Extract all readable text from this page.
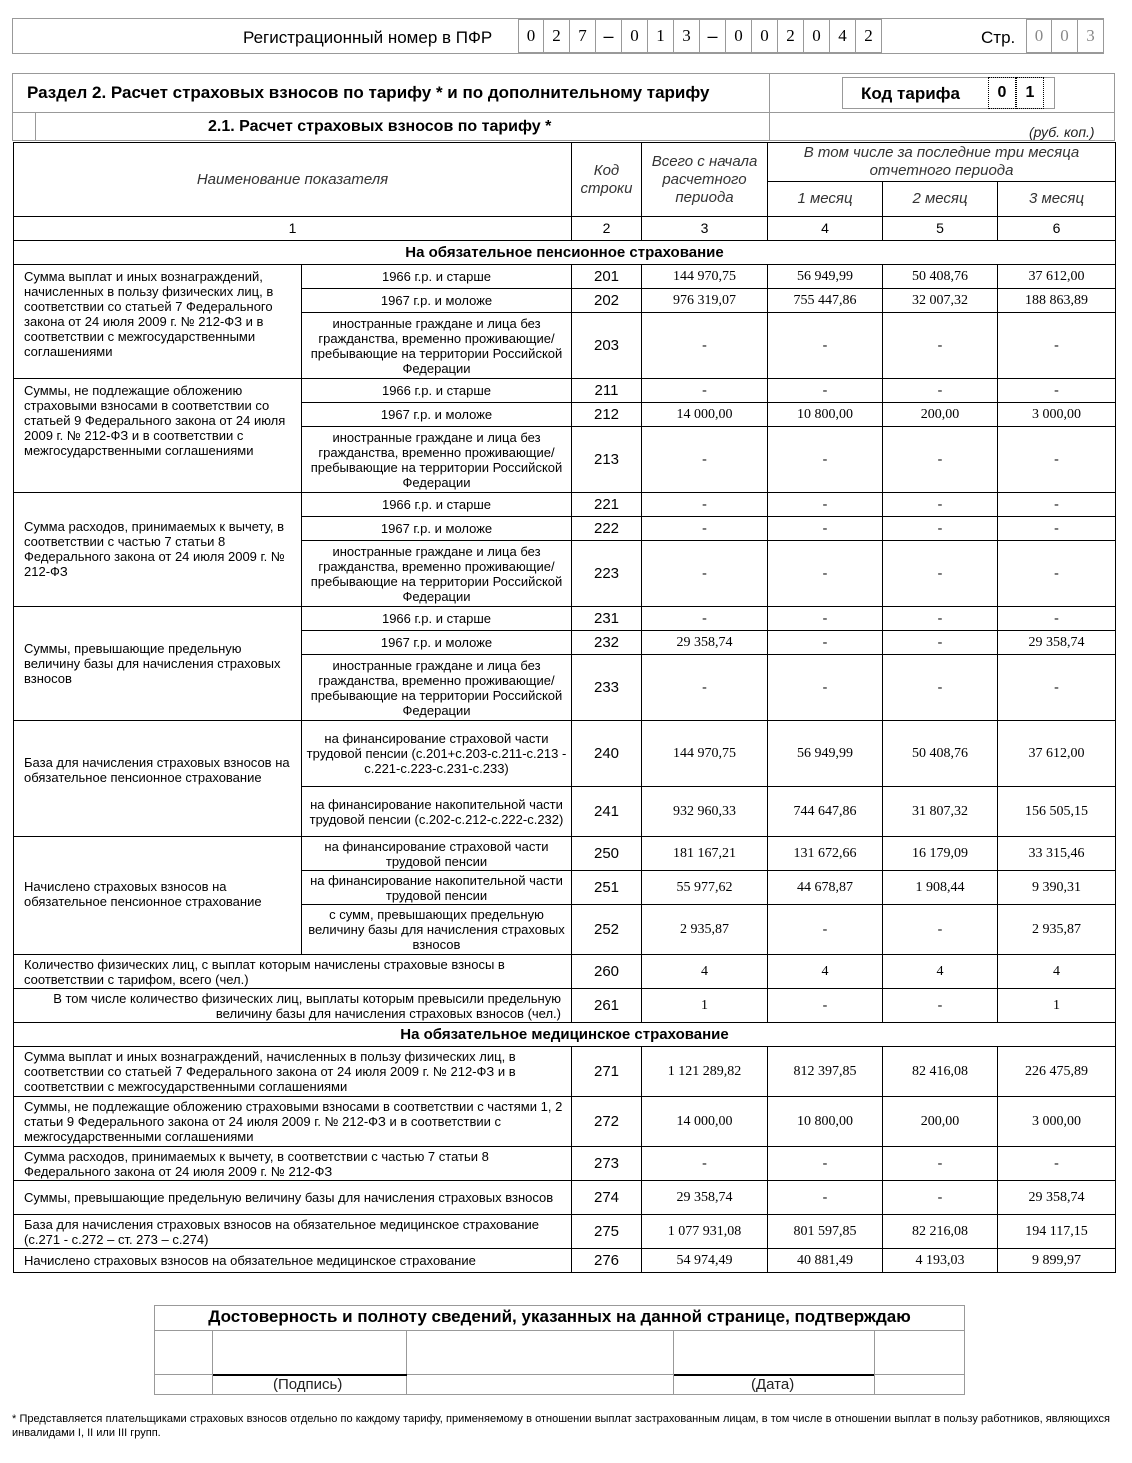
Регистрационный номер в ПФР	0	2	7 – 0	1	3 – 0	0	2	0	4	2	Стр.	0	0	3
Раздел 2. Расчет страховых взносов по тарифу * и по дополнительному тарифу	Код тарифа	0	1
2.1. Расчет страховых взносов по тарифу *	(руб. коп.)
Наименование показателя		Код строки	Всего с начала расчетного периода	В том числе за последние три месяца отчетного периода		
				1 месяц	2 месяц	3 месяц
1		2	3	4	5	6
На обязательное пенсионное страхование						
Сумма выплат и иных вознаграждений, начисленных в пользу физических лиц, в соответствии со статьей 7 Федерального закона от 24 июля 2009 г. № 212-ФЗ и в соответствии с межгосударственными соглашениями	1966 г.р. и старше	201	144 970,75	56 949,99	50 408,76	37 612,00
	1967 г.р. и моложе	202	976 319,07	755 447,86	32 007,32	188 863,89
	иностранные граждане и лица без гражданства, временно проживающие/пребывающие на территории Российской Федерации	203	-	-	-	-
Суммы, не подлежащие обложению страховыми взносами в соответствии со статьей 9 Федерального закона от 24 июля 2009 г. № 212-ФЗ и в соответствии с межгосударственными соглашениями	1966 г.р. и старше	211	-	-	-	-
	1967 г.р. и моложе	212	14 000,00	10 800,00	200,00	3 000,00
	иностранные граждане и лица без гражданства, временно проживающие/пребывающие на территории Российской Федерации	213	-	-	-	-
Сумма расходов, принимаемых к вычету, в соответствии с частью 7 статьи 8 Федерального закона от 24 июля 2009 г. № 212-ФЗ	1966 г.р. и старше	221	-	-	-	-
	1967 г.р. и моложе	222	-	-	-	-
	иностранные граждане и лица без гражданства, временно проживающие/пребывающие на территории Российской Федерации	223	-	-	-	-
Суммы, превышающие предельную величину базы для начисления страховых взносов	1966 г.р. и старше	231	-	-	-	-
	1967 г.р. и моложе	232	29 358,74	-	-	29 358,74
	иностранные граждане и лица без гражданства, временно проживающие/пребывающие на территории Российской Федерации	233	-	-	-	-
База для начисления страховых взносов на обязательное пенсионное страхование	на финансирование страховой части трудовой пенсии (с.201+с.203-с.211-с.213 - с.221-с.223-с.231-с.233)	240	144 970,75	56 949,99	50 408,76	37 612,00
	на финансирование накопительной части трудовой пенсии (с.202-с.212-с.222-с.232)	241	932 960,33	744 647,86	31 807,32	156 505,15
Начислено страховых взносов на обязательное пенсионное страхование	на финансирование страховой части трудовой пенсии	250	181 167,21	131 672,66	16 179,09	33 315,46
	на финансирование накопительной части трудовой пенсии	251	55 977,62	44 678,87	1 908,44	9 390,31
	с сумм, превышающих предельную величину базы для начисления страховых взносов	252	2 935,87	-	-	2 935,87
Количество физических лиц, с выплат которым начислены страховые взносы в соответствии с тарифом, всего (чел.)		260	4	4	4	4
В том числе количество физических лиц, выплаты которым превысили предельную величину базы для начисления страховых взносов (чел.)		261	1	-	-	1
На обязательное медицинское страхование						
Сумма выплат и иных вознаграждений, начисленных в пользу физических лиц, в соответствии со статьей 7 Федерального закона от 24 июля 2009 г. № 212-ФЗ и в соответствии с межгосударственными соглашениями		271	1 121 289,82	812 397,85	82 416,08	226 475,89
Суммы, не подлежащие обложению страховыми взносами в соответствии с частями 1, 2 статьи 9 Федерального закона от 24 июля 2009 г. № 212-ФЗ и в соответствии с межгосударственными соглашениями		272	14 000,00	10 800,00	200,00	3 000,00
Сумма расходов, принимаемых к вычету, в соответствии с частью 7 статьи 8 Федерального закона от 24 июля 2009 г. № 212-ФЗ		273	-	-	-	-
Суммы, превышающие предельную величину базы для начисления страховых взносов		274	29 358,74	-	-	29 358,74
База для начисления страховых взносов на обязательное медицинское страхование (с.271 - с.272 – ст. 273 – с.274)		275	1 077 931,08	801 597,85	82 216,08	194 117,15
Начислено страховых взносов на обязательное медицинское страхование		276	54 974,49	40 881,49	4 193,03	9 899,97
Достоверность и полноту сведений, указанных на данной странице, подтверждаю
(Подпись)	(Дата)
* Представляется плательщиками страховых взносов отдельно по каждому тарифу, применяемому в отношении выплат застрахованным лицам, в том числе в отношении выплат в пользу работников, являющихся инвалидами I, II или III групп.
